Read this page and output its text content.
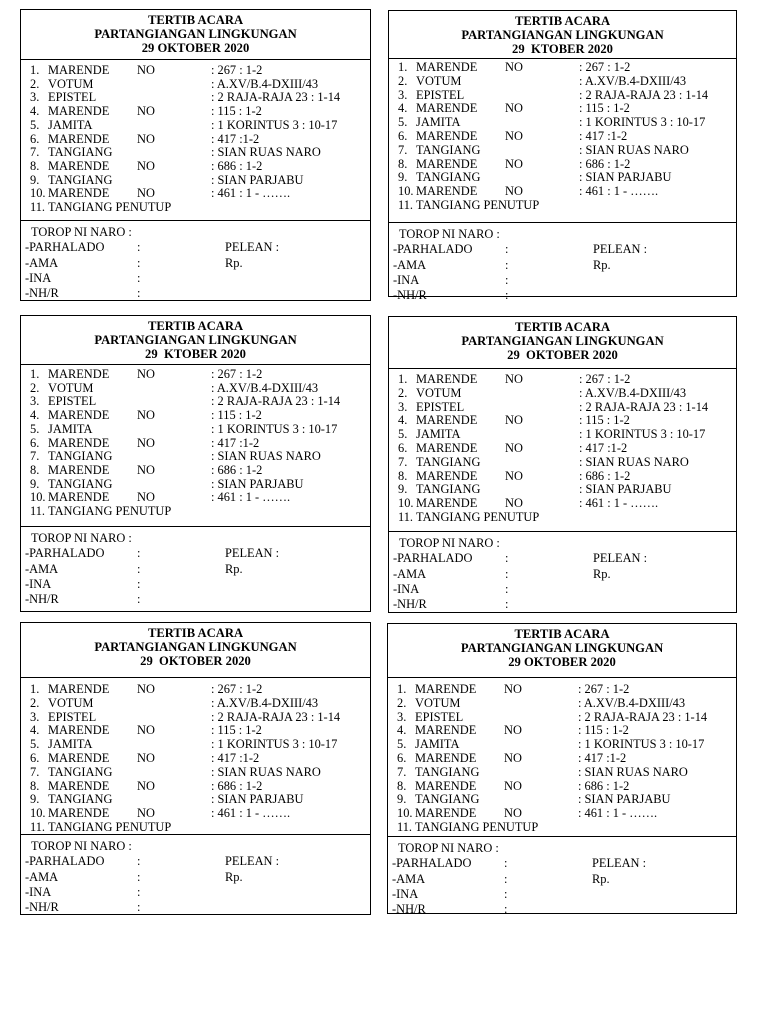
TERTIB ACARA
PARTANGIANGAN LINGKUNGAN
29 OKTOBER 2020
1. MARENDE NO	: 267 : 1-2
2. VOTUM	: A.XV/B.4-DXIII/43
3. EPISTEL	: 2 RAJA-RAJA 23 : 1-14
4. MARENDE NO	: 115 : 1-2
5. JAMITA	: 1 KORINTUS 3 : 10-17
6. MARENDE NO	: 417 :1-2
7. TANGIANG	: SIAN RUAS NARO
8. MARENDE NO	: 686 : 1-2
9. TANGIANG	: SIAN PARJABU
10. MARENDE NO	: 461 : 1 - …….
11. TANGIANG PENUTUP
TOROP NI NARO :
-PARHALADO	:	PELEAN :
-AMA	:	Rp.
-INA	:
-NH/R	:
TERTIB ACARA
PARTANGIANGAN LINGKUNGAN
29  KTOBER 2020
1. MARENDE NO	: 267 : 1-2
2. VOTUM	: A.XV/B.4-DXIII/43
3. EPISTEL	: 2 RAJA-RAJA 23 : 1-14
4. MARENDE NO	: 115 : 1-2
5. JAMITA	: 1 KORINTUS 3 : 10-17
6. MARENDE NO	: 417 :1-2
7. TANGIANG	: SIAN RUAS NARO
8. MARENDE NO	: 686 : 1-2
9. TANGIANG	: SIAN PARJABU
10. MARENDE NO	: 461 : 1 - …….
11. TANGIANG PENUTUP
TOROP NI NARO :
-PARHALADO	:	PELEAN :
-AMA	:	Rp.
-INA	:
-NH/R	:
TERTIB ACARA
PARTANGIANGAN LINGKUNGAN
29  KTOBER 2020
1. MARENDE NO	: 267 : 1-2
2. VOTUM	: A.XV/B.4-DXIII/43
3. EPISTEL	: 2 RAJA-RAJA 23 : 1-14
4. MARENDE NO	: 115 : 1-2
5. JAMITA	: 1 KORINTUS 3 : 10-17
6. MARENDE NO	: 417 :1-2
7. TANGIANG	: SIAN RUAS NARO
8. MARENDE NO	: 686 : 1-2
9. TANGIANG	: SIAN PARJABU
10. MARENDE NO	: 461 : 1 - …….
11. TANGIANG PENUTUP
TOROP NI NARO :
-PARHALADO	:	PELEAN :
-AMA	:	Rp.
-INA	:
-NH/R	:
TERTIB ACARA
PARTANGIANGAN LINGKUNGAN
29  OKTOBER 2020
1. MARENDE NO	: 267 : 1-2
2. VOTUM	: A.XV/B.4-DXIII/43
3. EPISTEL	: 2 RAJA-RAJA 23 : 1-14
4. MARENDE NO	: 115 : 1-2
5. JAMITA	: 1 KORINTUS 3 : 10-17
6. MARENDE NO	: 417 :1-2
7. TANGIANG	: SIAN RUAS NARO
8. MARENDE NO	: 686 : 1-2
9. TANGIANG	: SIAN PARJABU
10. MARENDE NO	: 461 : 1 - …….
11. TANGIANG PENUTUP
TOROP NI NARO :
-PARHALADO	:	PELEAN :
-AMA	:	Rp.
-INA	:
-NH/R	:
TERTIB ACARA
PARTANGIANGAN LINGKUNGAN
29  OKTOBER 2020
1. MARENDE NO	: 267 : 1-2
2. VOTUM	: A.XV/B.4-DXIII/43
3. EPISTEL	: 2 RAJA-RAJA 23 : 1-14
4. MARENDE NO	: 115 : 1-2
5. JAMITA	: 1 KORINTUS 3 : 10-17
6. MARENDE NO	: 417 :1-2
7. TANGIANG	: SIAN RUAS NARO
8. MARENDE NO	: 686 : 1-2
9. TANGIANG	: SIAN PARJABU
10. MARENDE NO	: 461 : 1 - …….
11. TANGIANG PENUTUP
TOROP NI NARO :
-PARHALADO	:	PELEAN :
-AMA	:	Rp.
-INA	:
-NH/R	:
TERTIB ACARA
PARTANGIANGAN LINGKUNGAN
29 OKTOBER 2020
1. MARENDE NO	: 267 : 1-2
2. VOTUM	: A.XV/B.4-DXIII/43
3. EPISTEL	: 2 RAJA-RAJA 23 : 1-14
4. MARENDE NO	: 115 : 1-2
5. JAMITA	: 1 KORINTUS 3 : 10-17
6. MARENDE NO	: 417 :1-2
7. TANGIANG	: SIAN RUAS NARO
8. MARENDE NO	: 686 : 1-2
9. TANGIANG	: SIAN PARJABU
10. MARENDE NO	: 461 : 1 - …….
11. TANGIANG PENUTUP
TOROP NI NARO :
-PARHALADO	:	PELEAN :
-AMA	:	Rp.
-INA	:
-NH/R	:
